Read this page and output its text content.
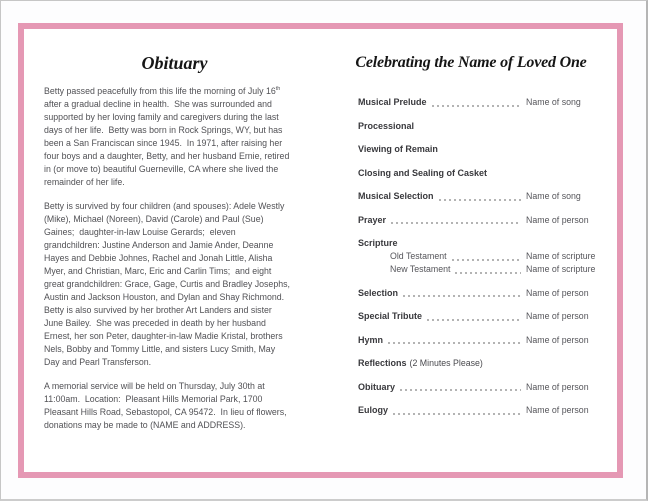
Obituary
Betty passed peacefully from this life the morning of July 16th
after a gradual decline in health.  She was surrounded and
supported by her loving family and caregivers during the last
days of her life.  Betty was born in Rock Springs, WY, but has
been a San Franciscan since 1945.  In 1971, after raising her
four boys and a daughter, Betty, and her husband Ernie, retired
in (or move to) beautiful Guerneville, CA where she lived the
remainder of her life.
Betty is survived by four children (and spouses): Adele Westly
(Mike), Michael (Noreen), David (Carole) and Paul (Sue)
Gaines;  daughter-in-law Louise Gerards;  eleven
grandchildren: Justine Anderson and Jamie Ander, Deanne
Hayes and Debbie Johnes, Rachel and Jonah Little, Alisha
Myer, and Christian, Marc, Eric and Carlin Tims;  and eight
great grandchildren: Grace, Gage, Curtis and Bradley Josephs,
Austin and Jackson Houston, and Dylan and Shay Richmond.
Betty is also survived by her brother Art Landers and sister
June Bailey.  She was preceded in death by her husband
Ernest, her son Peter, daughter-in-law Madie Kristal, brothers
Nels, Bobby and Tommy Little, and sisters Lucy Smith, May
Day and Pearl Transferson.
A memorial service will be held on Thursday, July 30th at
11:00am.  Location:  Pleasant Hills Memorial Park, 1700
Pleasant Hills Road, Sebastopol, CA 95472.  In lieu of flowers,
donations may be made to (NAME and ADDRESS).
Celebrating the Name of Loved One
Musical Prelude	Name of song
Processional
Viewing of Remain
Closing and Sealing of Casket
Musical Selection	Name of song
Prayer	Name of person
Scripture
Old Testament	Name of scripture
New Testament	Name of scripture
Selection	Name of person
Special Tribute	Name of person
Hymn	Name of person
Reflections (2 Minutes Please)
Obituary	Name of person
Eulogy	Name of person
